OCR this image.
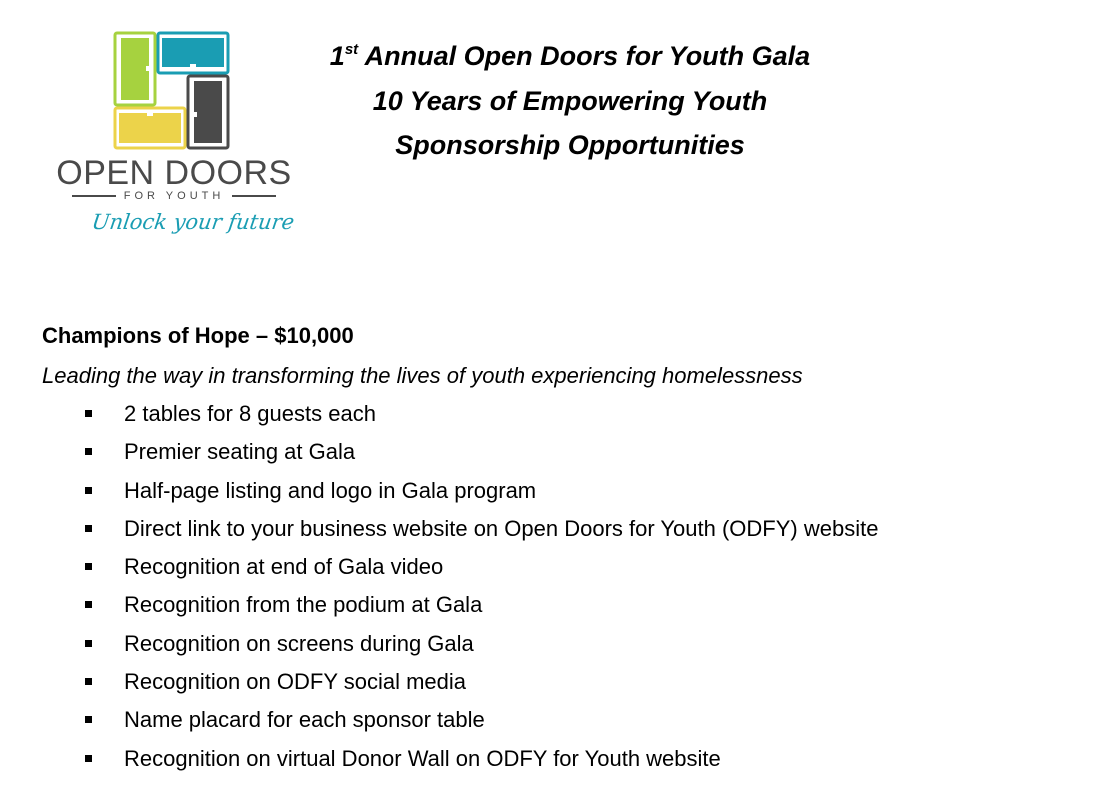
OPEN DOORS
FOR YOUTH
Unlock your future
1st Annual Open Doors for Youth Gala
10 Years of Empowering Youth
Sponsorship Opportunities
Champions of Hope – $10,000
Leading the way in transforming the lives of youth experiencing homelessness
2 tables for 8 guests each
Premier seating at Gala
Half-page listing and logo in Gala program
Direct link to your business website on Open Doors for Youth (ODFY) website
Recognition at end of Gala video
Recognition from the podium at Gala
Recognition on screens during Gala
Recognition on ODFY social media
Name placard for each sponsor table
Recognition on virtual Donor Wall on ODFY for Youth website
